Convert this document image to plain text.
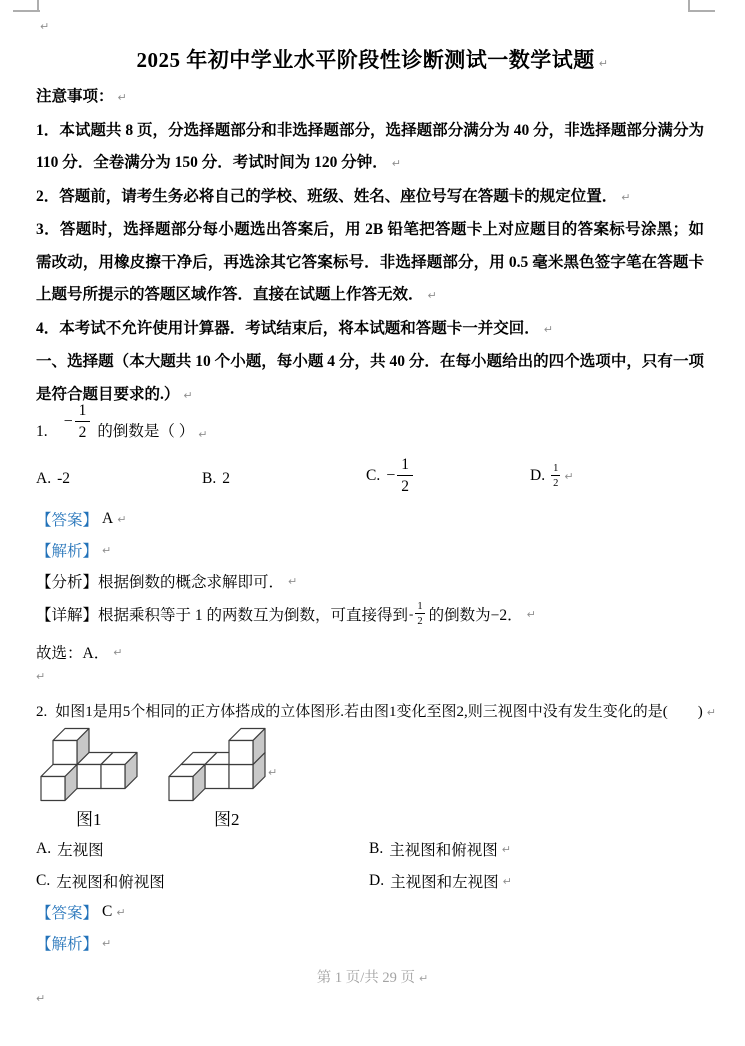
↵
2025 年初中学业水平阶段性诊断测试一数学试题 ↵

注意事项： ↵

1．本试题共 8 页，分选择题部分和非选择题部分，选择题部分满分为 40 分，非选择题部分满分为 110 分．全卷满分为 150 分．考试时间为 120 分钟． ↵

2．答题前，请考生务必将自己的学校、班级、姓名、座位号写在答题卡的规定位置． ↵

3．答题时，选择题部分每小题选出答案后，用 2B 铅笔把答题卡上对应题目的答案标号涂黑；如需改动，用橡皮擦干净后，再选涂其它答案标号．非选择题部分，用 0.5 毫米黑色签字笔在答题卡上题号所提示的答题区域作答．直接在试题上作答无效． ↵

4．本考试不允许使用计算器．考试结束后，将本试题和答题卡一并交回． ↵

一、选择题（本大题共 10 个小题，每小题 4 分，共 40 分．在每小题给出的四个选项中，只有一项是符合题目要求的.） ↵

1.
− $\frac{1}{2}$ 的倒数是（ ） ↵
A. -2	B. 2	C. − $\frac{1}{2}$	D. $\frac{1}{2}$ ↵
【答案】 A ↵
【解析】 ↵
【分析】 根据倒数的概念求解即可． ↵
【详解】 根据乘积等于 1 的两数互为倒数，可直接得到 - $\frac{1}{2}$ 的倒数为−2． ↵
故选：A． ↵
↵
2. 如图1是用5个相同的正方体搭成的立体图形.若由图1变化至图2,则三视图中没有发生变化的是(　　) ↵
↵
图1	图2
A. 左视图	B. 主视图和俯视图 ↵
C. 左视图和俯视图	D. 主视图和左视图 ↵
【答案】 C ↵
【解析】 ↵
第 1 页/共 29 页 ↵
↵
